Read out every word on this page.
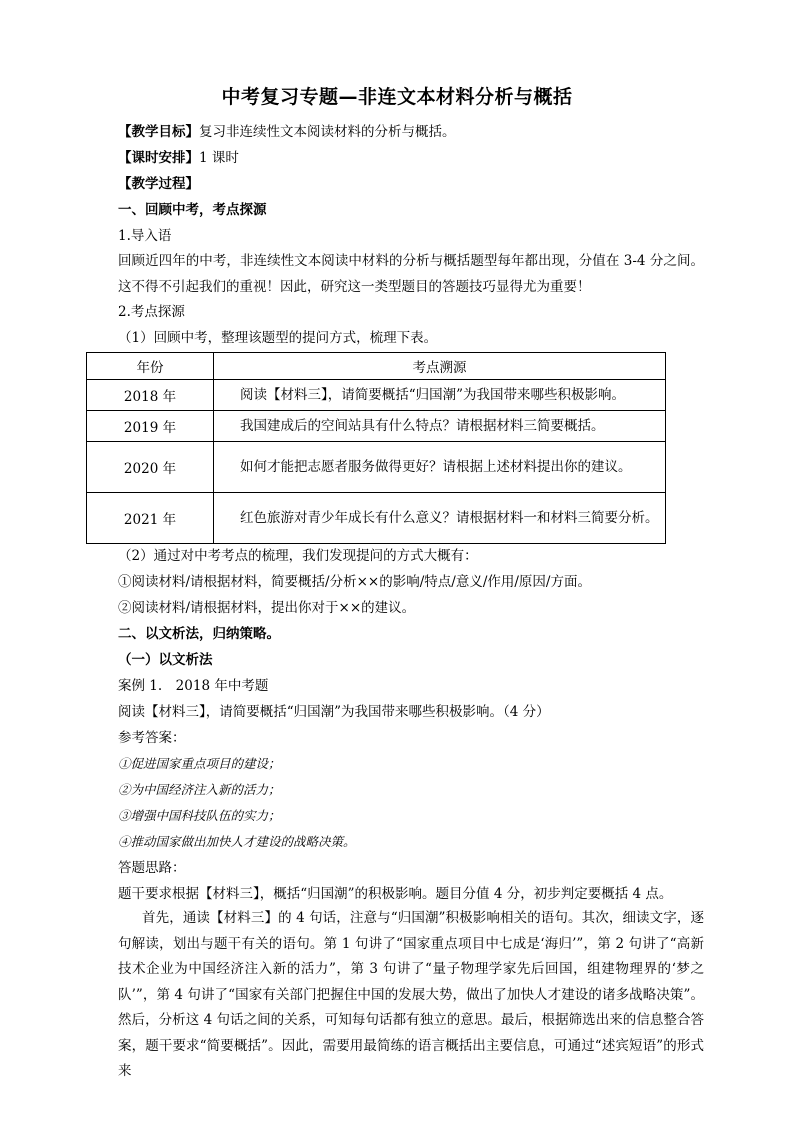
中考复习专题—非连文本材料分析与概括
【教学目标】复习非连续性文本阅读材料的分析与概括。
【课时安排】1 课时
【教学过程】
一、回顾中考，考点探源
1.导入语
回顾近四年的中考，非连续性文本阅读中材料的分析与概括题型每年都出现，分值在 3-4 分之间。这不得不引起我们的重视！因此，研究这一类型题目的答题技巧显得尤为重要！
2.考点探源
（1）回顾中考，整理该题型的提问方式，梳理下表。
年份	考点溯源
2018 年	阅读【材料三】，请简要概括“归国潮”为我国带来哪些积极影响。
2019 年	我国建成后的空间站具有什么特点？请根据材料三简要概括。
2020 年	如何才能把志愿者服务做得更好？请根据上述材料提出你的建议。
2021 年	红色旅游对青少年成长有什么意义？请根据材料一和材料三简要分析。
（2）通过对中考考点的梳理，我们发现提问的方式大概有：
①阅读材料/请根据材料，简要概括/分析××的影响/特点/意义/作用/原因/方面。
②阅读材料/请根据材料，提出你对于××的建议。
二、以文析法，归纳策略。
（一）以文析法
案例 1.　2018 年中考题
阅读【材料三】，请简要概括“归国潮”为我国带来哪些积极影响。（4 分）
参考答案：
①促进国家重点项目的建设；
②为中国经济注入新的活力；
③增强中国科技队伍的实力；
④推动国家做出加快人才建设的战略决策。
答题思路：
题干要求根据【材料三】，概括“归国潮”的积极影响。题目分值 4 分，初步判定要概括 4 点。
首先，通读【材料三】的 4 句话，注意与“归国潮”积极影响相关的语句。其次，细读文字，逐句解读，划出与题干有关的语句。第 1 句讲了“国家重点项目中七成是‘海归’”，第 2 句讲了“高新技术企业为中国经济注入新的活力”，第 3 句讲了“量子物理学家先后回国，组建物理界的‘梦之队’”，第 4 句讲了“国家有关部门把握住中国的发展大势，做出了加快人才建设的诸多战略决策”。然后，分析这 4 句话之间的关系，可知每句话都有独立的意思。最后，根据筛选出来的信息整合答案，题干要求“简要概括”。因此，需要用最简练的语言概括出主要信息，可通过“述宾短语”的形式来
